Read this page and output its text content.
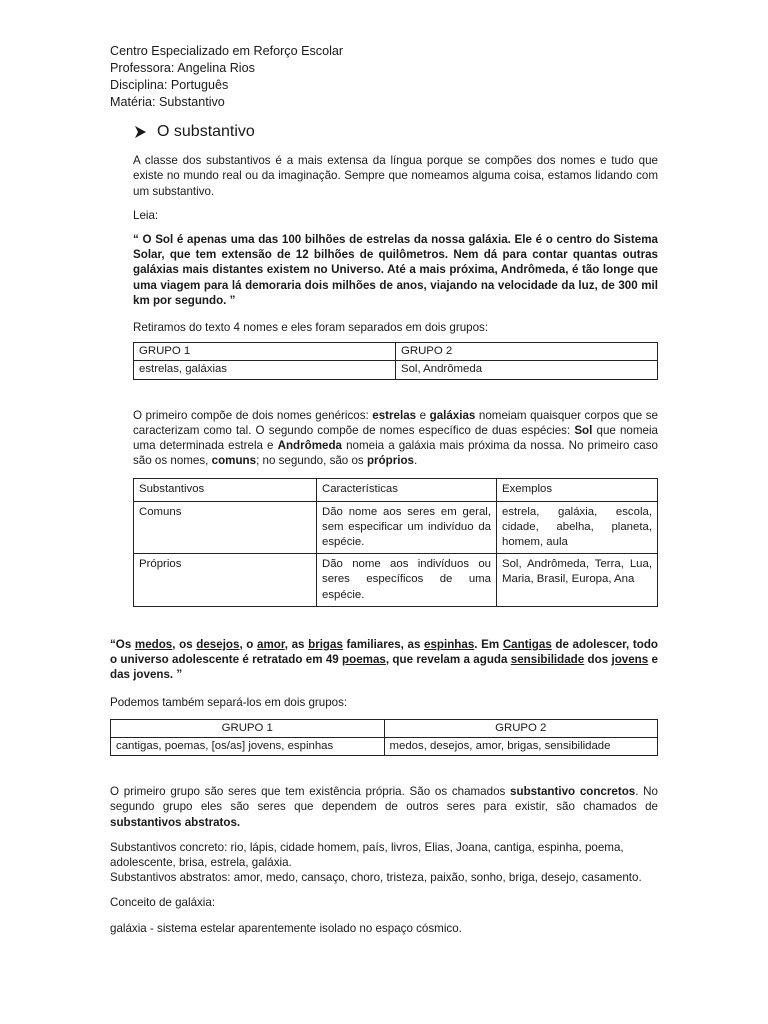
Centro Especializado em Reforço Escolar
Professora: Angelina Rios
Disciplina: Português
Matéria: Substantivo
O substantivo

A classe dos substantivos é a mais extensa da língua porque se compões dos nomes e tudo que existe no mundo real ou da imaginação. Sempre que nomeamos alguma coisa, estamos lidando com um substantivo.

Leia:

“ O Sol é apenas uma das 100 bilhões de estrelas da nossa galáxia. Ele é o centro do Sistema Solar, que tem extensão de 12 bilhões de quilômetros. Nem dá para contar quantas outras galáxias mais distantes existem no Universo. Até a mais próxima, Andrômeda, é tão longe que uma viagem para lá demoraria dois milhões de anos, viajando na velocidade da luz, de 300 mil km por segundo. ”

Retiramos do texto 4 nomes e eles foram separados em dois grupos:

GRUPO 1	GRUPO 2
estrelas, galáxias	Sol, Andrômeda

O primeiro compõe de dois nomes genéricos: estrelas e galáxias nomeiam quaisquer corpos que se caracterizam como tal. O segundo compõe de nomes específico de duas espécies: Sol que nomeia uma determinada estrela e Andrômeda nomeia a galáxia mais próxima da nossa. No primeiro caso são os nomes, comuns; no segundo, são os próprios.

Substantivos	Características	Exemplos
Comuns	Dão nome aos seres em geral, sem especificar um indivíduo da espécie.	estrela, galáxia, escola, cidade, abelha, planeta, homem, aula
Próprios	Dão nome aos indivíduos ou seres específicos de uma espécie.	Sol, Andrômeda, Terra, Lua, Maria, Brasil, Europa, Ana

“Os medos, os desejos, o amor, as brigas familiares, as espinhas. Em Cantigas de adolescer, todo o universo adolescente é retratado em 49 poemas, que revelam a aguda sensibilidade dos jovens e das jovens. ”

Podemos também separá-los em dois grupos:

GRUPO 1	GRUPO 2
cantigas, poemas, [os/as] jovens, espinhas	medos, desejos, amor, brigas, sensibilidade

O primeiro grupo são seres que tem existência própria. São os chamados substantivo concretos. No segundo grupo eles são seres que dependem de outros seres para existir, são chamados de substantivos abstratos.

Substantivos concreto: rio, lápis, cidade homem, país, livros, Elias, Joana, cantiga, espinha, poema, adolescente, brisa, estrela, galáxia.

Substantivos abstratos: amor, medo, cansaço, choro, tristeza, paixão, sonho, briga, desejo, casamento.

Conceito de galáxia:

galáxia - sistema estelar aparentemente isolado no espaço cósmico.
